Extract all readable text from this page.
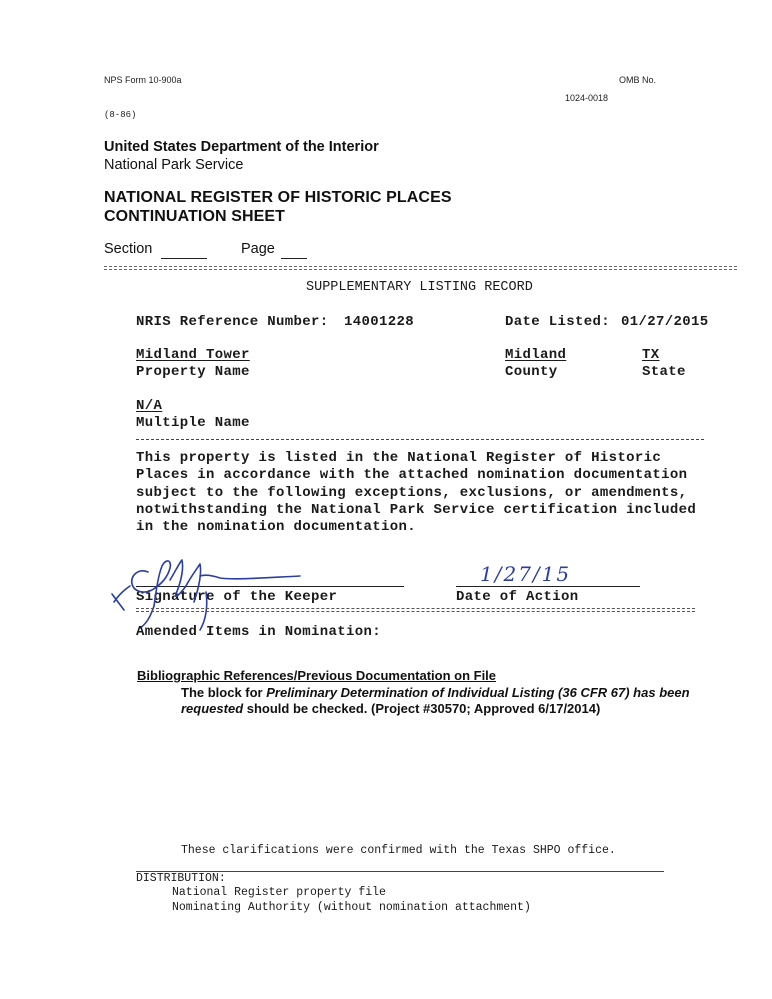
NPS Form 10-900a
(8-86)
OMB No.
1024-0018
United States Department of the Interior
National Park Service
NATIONAL REGISTER OF HISTORIC PLACES
CONTINUATION SHEET
Section	Page
SUPPLEMENTARY LISTING RECORD
NRIS Reference Number: 14001228	Date Listed: 01/27/2015
Midland Tower
Property Name
Midland
County
TX
State
N/A
Multiple Name
This property is listed in the National Register of Historic
Places in accordance with the attached nomination documentation
subject to the following exceptions, exclusions, or amendments,
notwithstanding the National Park Service certification included
in the nomination documentation.
Signature of the Keeper	Date of Action
1/27/15
Amended Items in Nomination:
Bibliographic References/Previous Documentation on File
The block for Preliminary Determination of Individual Listing (36 CFR 67) has been
requested should be checked. (Project #30570; Approved 6/17/2014)
These clarifications were confirmed with the Texas SHPO office.
DISTRIBUTION:
National Register property file
Nominating Authority (without nomination attachment)
